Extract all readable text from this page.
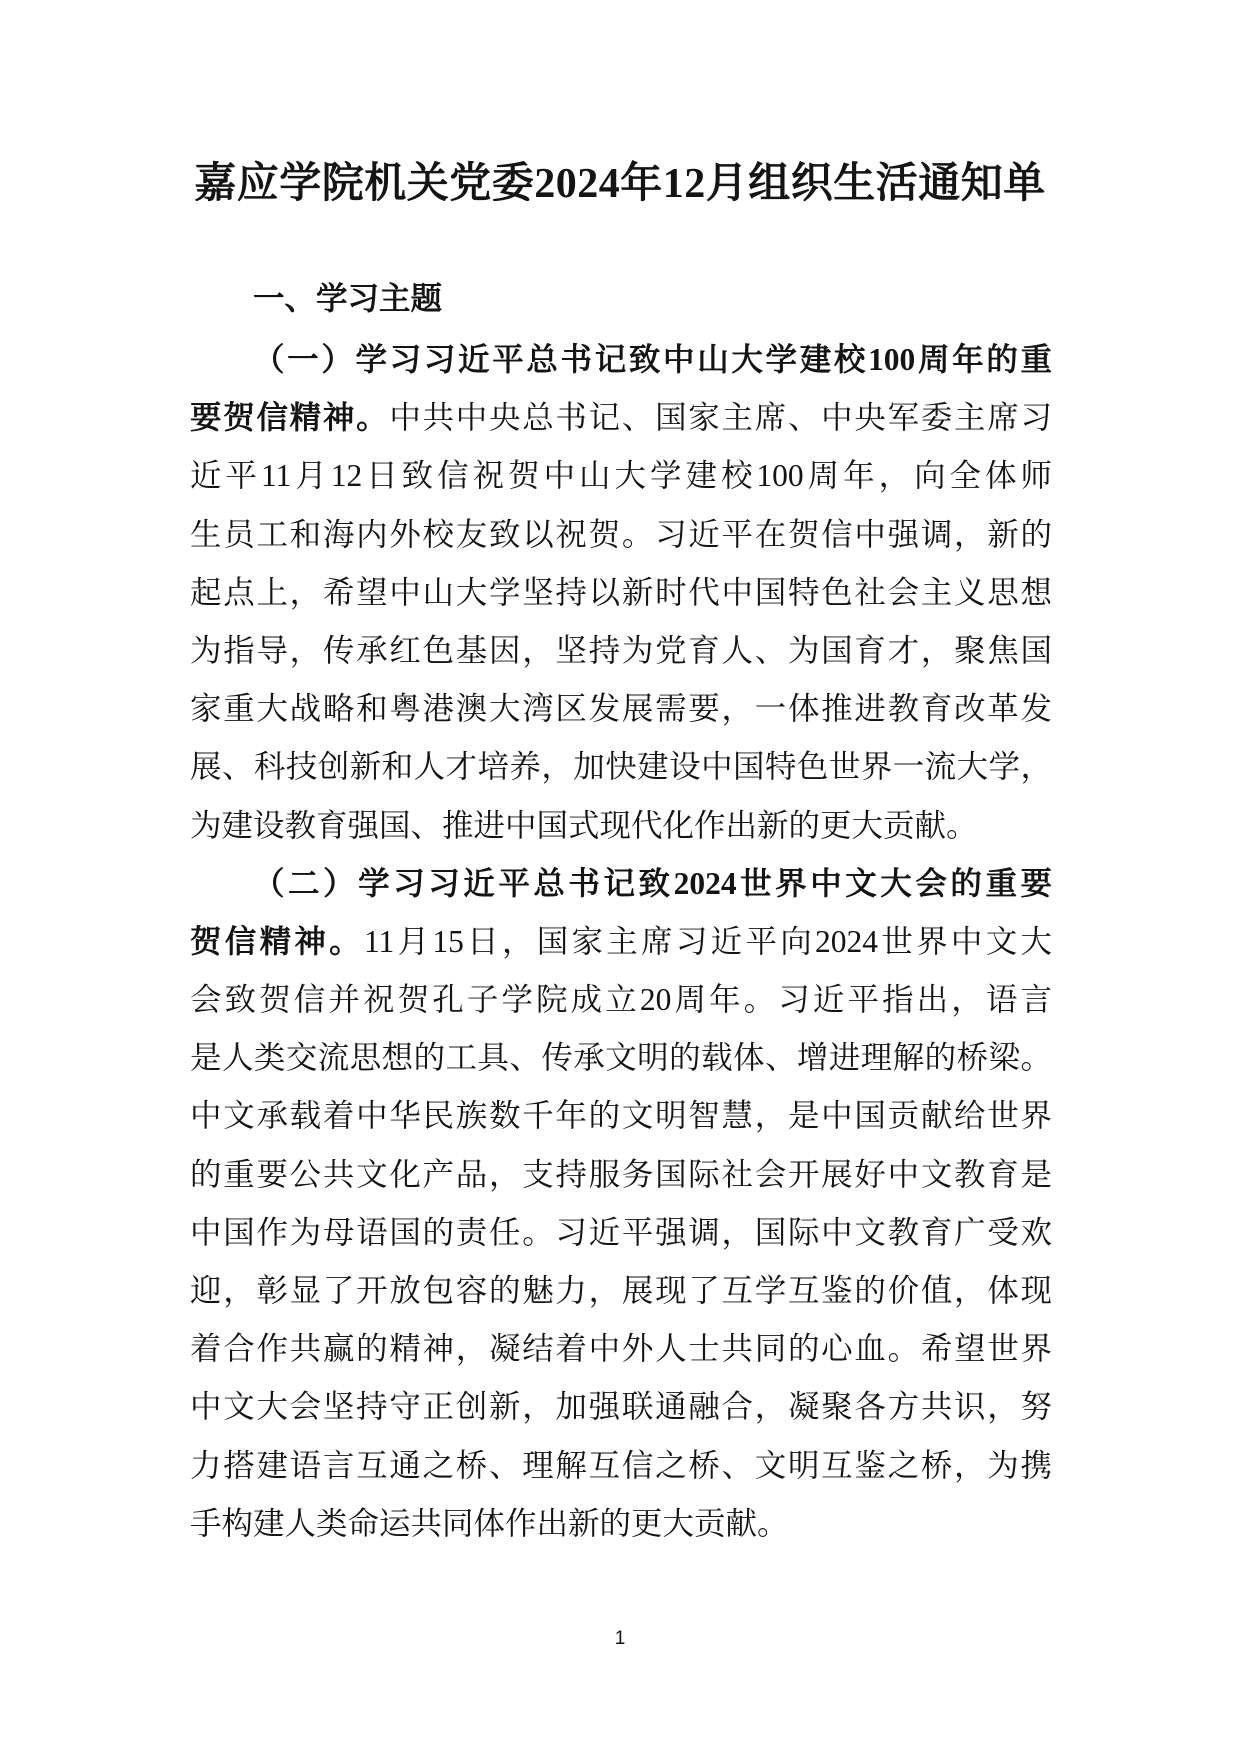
嘉应学院机关党委2024年12月组织生活通知单
一、学习主题
（一）学习习近平总书记致中山大学建校100周年的重
要贺信精神。中共中央总书记、国家主席、中央军委主席习
近平11月12日致信祝贺中山大学建校100周年，向全体师
生员工和海内外校友致以祝贺。习近平在贺信中强调，新的
起点上，希望中山大学坚持以新时代中国特色社会主义思想
为指导，传承红色基因，坚持为党育人、为国育才，聚焦国
家重大战略和粤港澳大湾区发展需要，一体推进教育改革发
展、科技创新和人才培养，加快建设中国特色世界一流大学，
为建设教育强国、推进中国式现代化作出新的更大贡献。
（二）学习习近平总书记致2024世界中文大会的重要
贺信精神。11月15日，国家主席习近平向2024世界中文大
会致贺信并祝贺孔子学院成立20周年。习近平指出，语言
是人类交流思想的工具、传承文明的载体、增进理解的桥梁。
中文承载着中华民族数千年的文明智慧，是中国贡献给世界
的重要公共文化产品，支持服务国际社会开展好中文教育是
中国作为母语国的责任。习近平强调，国际中文教育广受欢
迎，彰显了开放包容的魅力，展现了互学互鉴的价值，体现
着合作共赢的精神，凝结着中外人士共同的心血。希望世界
中文大会坚持守正创新，加强联通融合，凝聚各方共识，努
力搭建语言互通之桥、理解互信之桥、文明互鉴之桥，为携
手构建人类命运共同体作出新的更大贡献。
1
